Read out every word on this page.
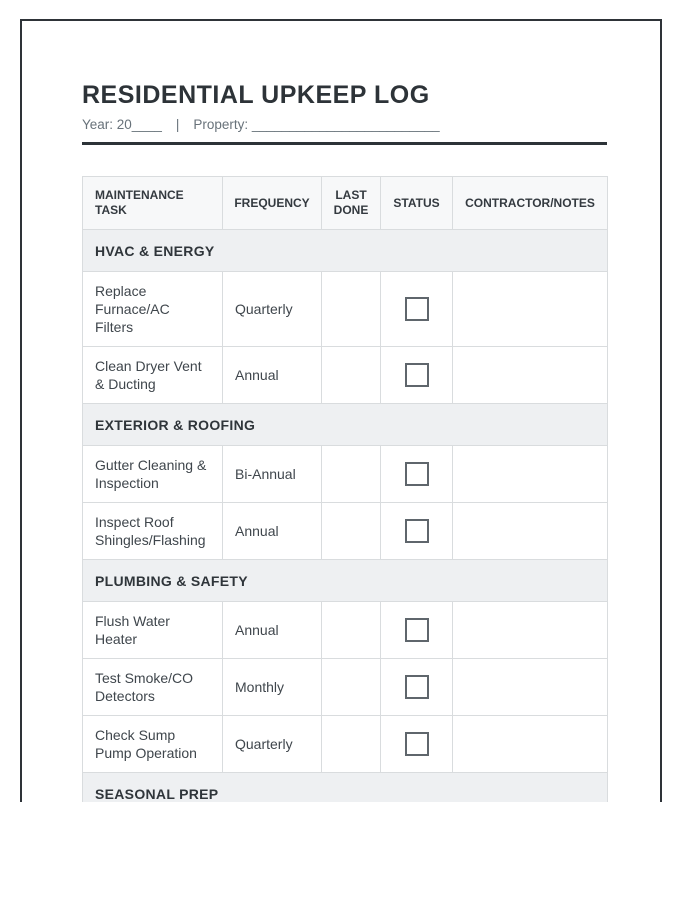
RESIDENTIAL UPKEEP LOG
Year: 20____ | Property: _________________________
MAINTENANCE TASK	FREQUENCY	LAST DONE	STATUS	CONTRACTOR/NOTES
HVAC & ENERGY				
Replace Furnace/AC Filters	Quarterly		

Clean Dryer Vent & Ducting	Annual		

EXTERIOR & ROOFING				
Gutter Cleaning & Inspection	Bi-Annual		

Inspect Roof Shingles/Flashing	Annual		

PLUMBING & SAFETY				
Flush Water Heater	Annual		

Test Smoke/CO Detectors	Monthly		

Check Sump Pump Operation	Quarterly		

SEASONAL PREP				
